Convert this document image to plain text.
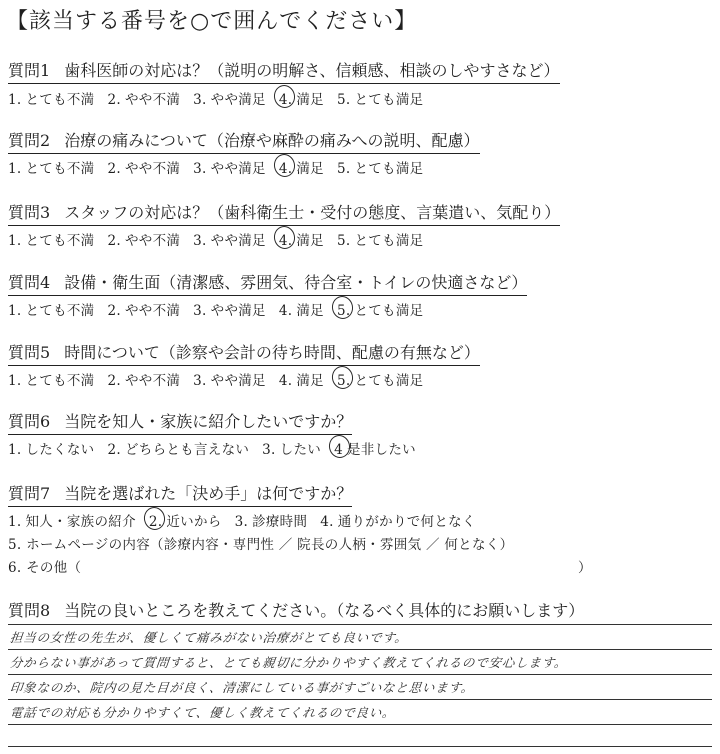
【該当する番号を○で囲んでください】
質問1 歯科医師の対応は？（説明の明解さ、信頼感、相談のしやすさなど）
1. とても不満 2. やや不満 3. やや満足 4. 満足 5. とても満足
質問2 治療の痛みについて（治療や麻酔の痛みへの説明、配慮）
1. とても不満 2. やや不満 3. やや満足 4. 満足 5. とても満足
質問3 スタッフの対応は？（歯科衛生士・受付の態度、言葉遣い、気配り）
1. とても不満 2. やや不満 3. やや満足 4. 満足 5. とても満足
質問4 設備・衛生面（清潔感、雰囲気、待合室・トイレの快適さなど）
1. とても不満 2. やや不満 3. やや満足 4. 満足 5. とても満足
質問5 時間について（診察や会計の待ち時間、配慮の有無など）
1. とても不満 2. やや不満 3. やや満足 4. 満足 5. とても満足
質問6 当院を知人・家族に紹介したいですか？
1. したくない 2. どちらとも言えない 3. したい 4 是非したい
質問7 当院を選ばれた「決め手」は何ですか？
1. 知人・家族の紹介 2. 近いから 3. 診療時間 4. 通りがかりで何となく
5. ホームページの内容（診療内容・専門性 ／ 院長の人柄・雰囲気 ／ 何となく）
6. その他（	）
質問8 当院の良いところを教えてください。（なるべく具体的にお願いします）
担当の女性の先生が、優しくて痛みがない治療がとても良いです。
分からない事があって質問すると、とても親切に分かりやすく教えてくれるので安心します。
印象なのか、院内の見た目が良く、清潔にしている事がすごいなと思います。
電話での対応も分かりやすくて、優しく教えてくれるので良い。
